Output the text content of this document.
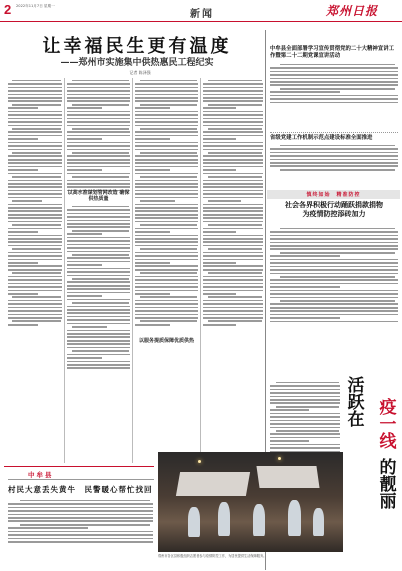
2 2022年11月7日 星期一
新闻	郑州日报
让幸福民生更有温度
——郑州市实施集中供热惠民工程纪实
记者 陈泽强
以高水准谋划管网改造 确保供热质量
以服务提质保障优质供热
中牟县全面部署学习宣传贯彻党的二十大精神宣讲工作暨第二十二期党课宣讲活动
省级党建工作机制示范点建设标准全面推进
慎终如始　精准防控
社会各界积极行动踊跃捐款捐物
为疫情防控添砖加力
活跃在
疫一线
的靓丽
郑州市各区县积极组织志愿者参与疫情防控工作，为居民提供生活保障服务。
中牟县
村民大意丢失黄牛　民警暖心帮忙找回
